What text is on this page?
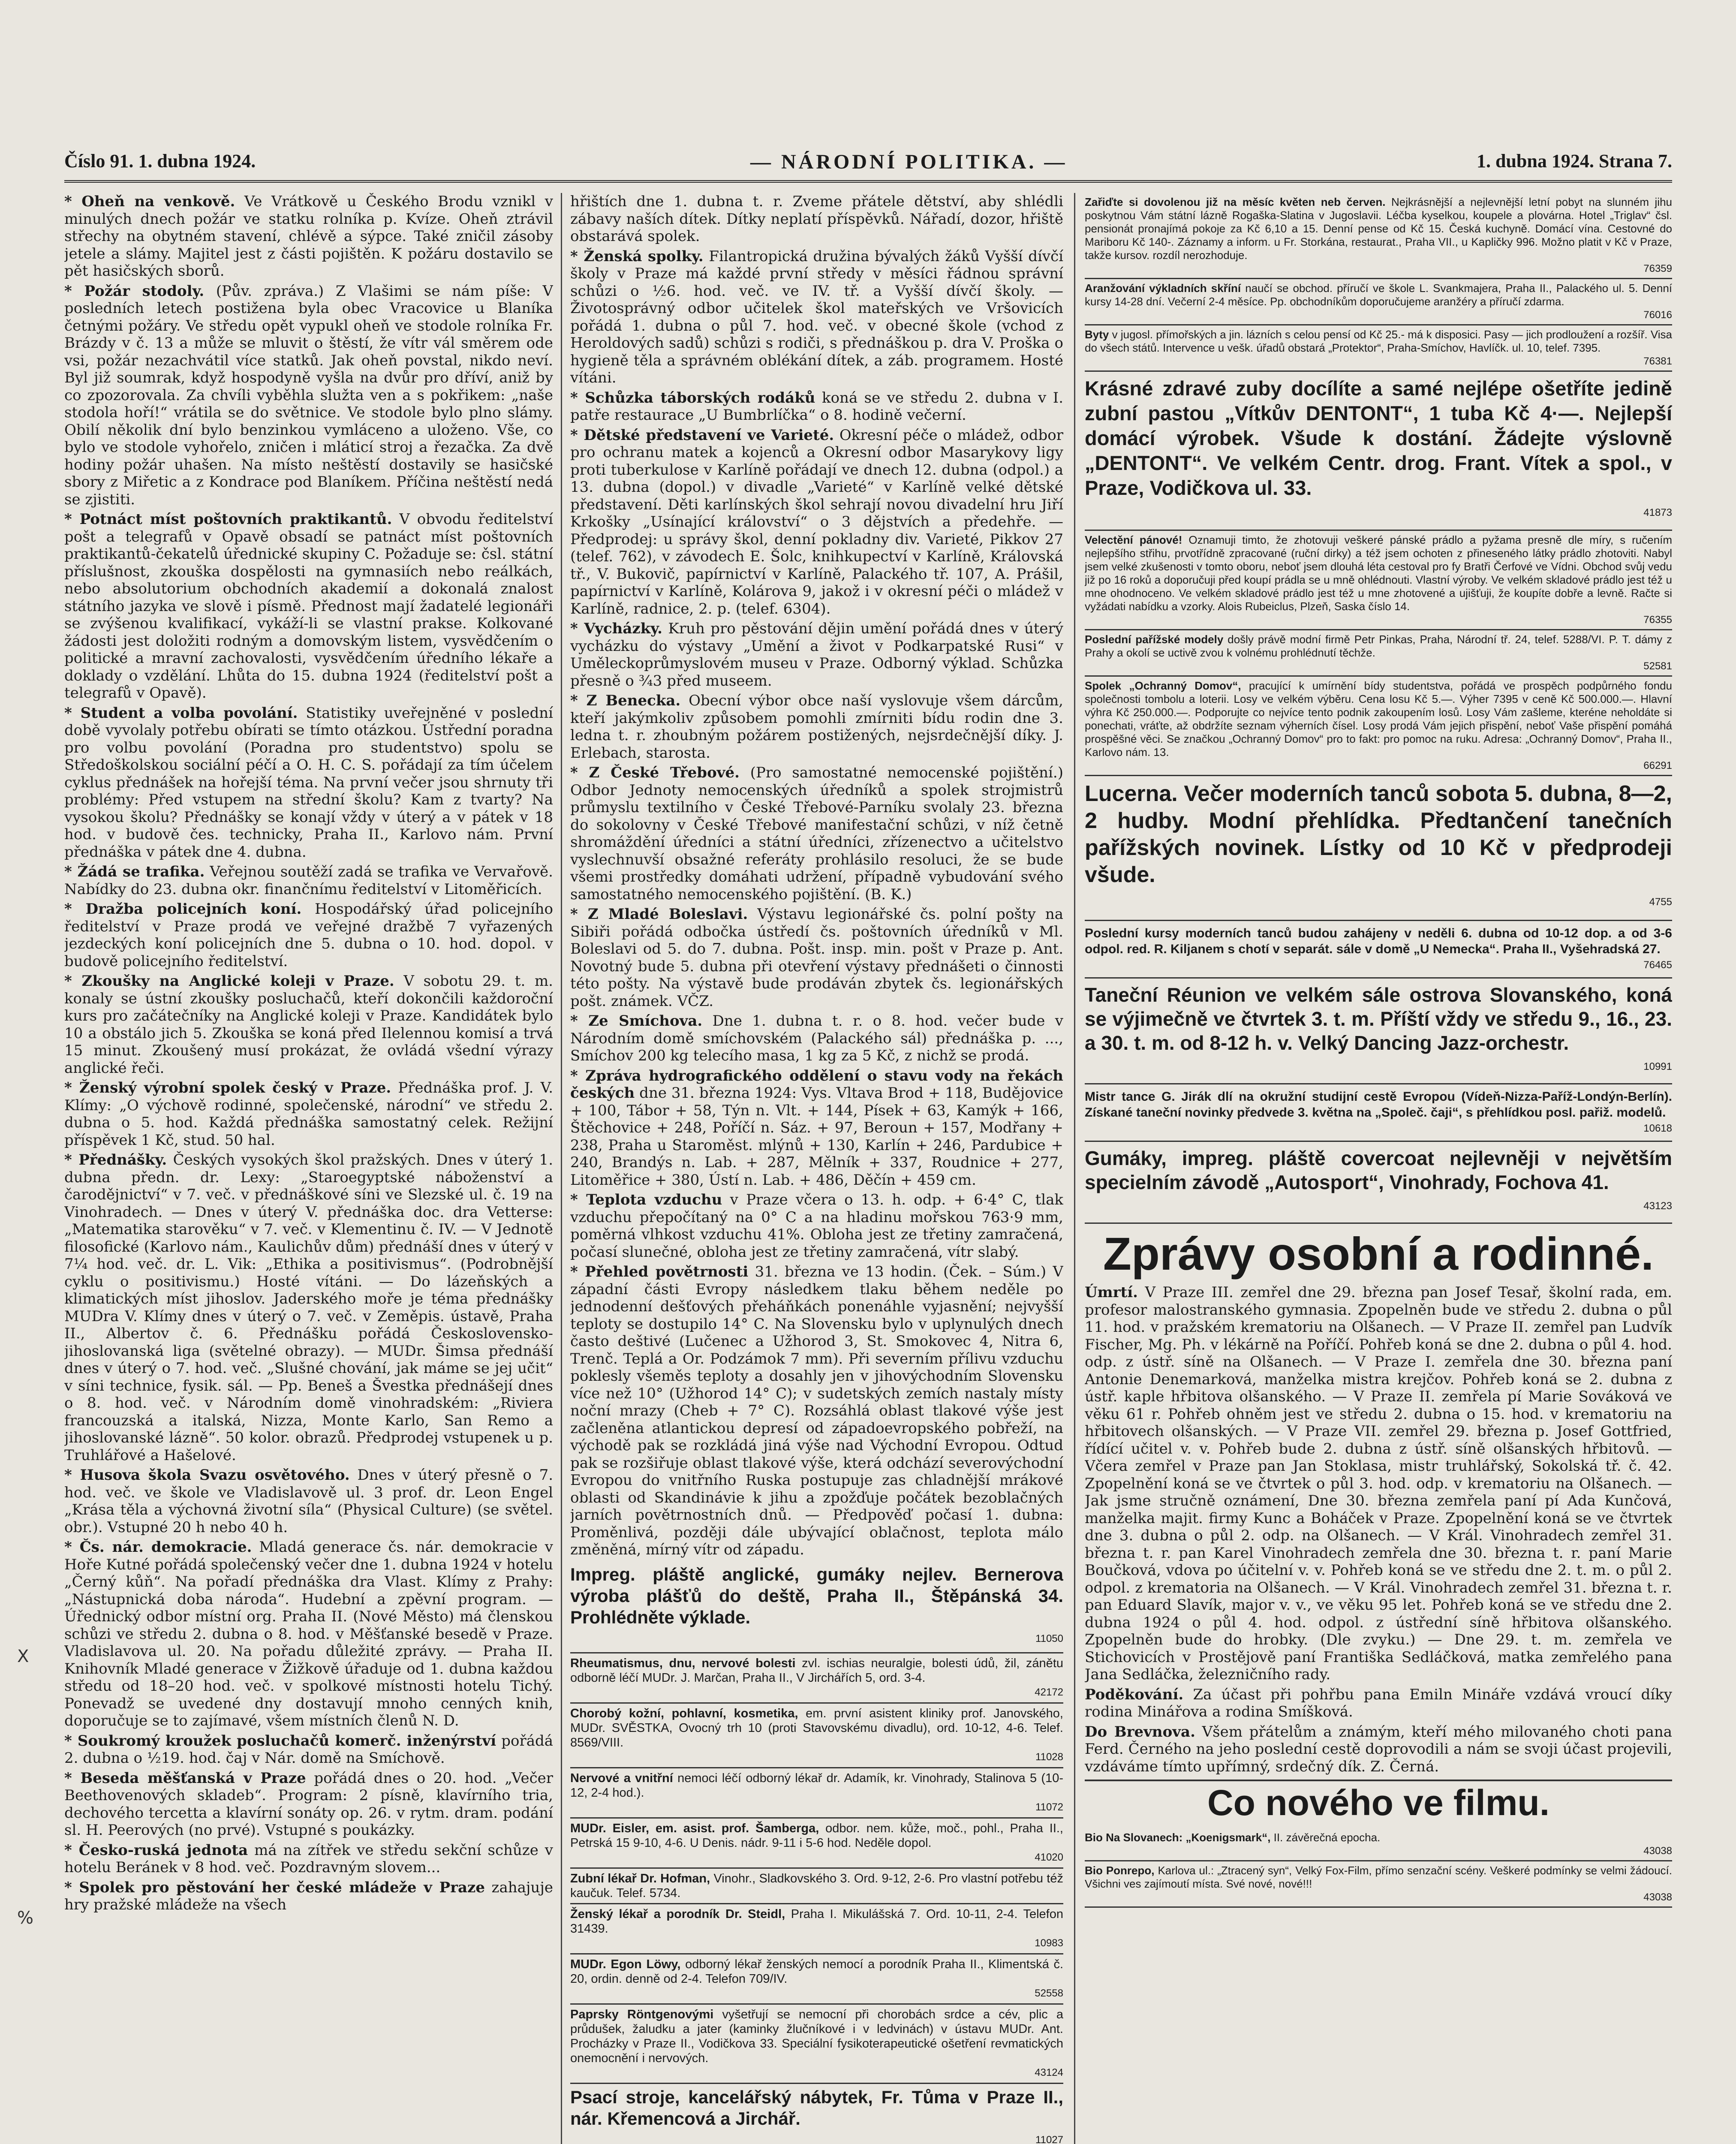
Číslo 91. 1. dubna 1924.	— NÁRODNÍ POLITIKA. —	1. dubna 1924. Strana 7.

* Oheň na venkově. Ve Vrátkově u Českého Brodu vznikl v minulých dnech požár ve statku rolníka p. Kvíze. Oheň ztrávil střechy na obytném stavení, chlévě a sýpce. Také zničil zásoby jetele a slámy. Majitel jest z části pojištěn. K požáru dostavilo se pět hasičských sborů.

* Požár stodoly. (Pův. zpráva.) Z Vlašimi se nám píše: V posledních letech postižena byla obec Vracovice u Blaníka četnými požáry. Ve středu opět vypukl oheň ve stodole rolníka Fr. Brázdy v č. 13 a může se mluvit o štěstí, že vítr vál směrem ode vsi, požár nezachvátil více statků. Jak oheň povstal, nikdo neví. Byl již soumrak, když hospodyně vyšla na dvůr pro dříví, aniž by co zpozorovala. Za chvíli vyběhla služta ven a s pokřikem: „naše stodola hoří!“ vrátila se do světnice. Ve stodole bylo plno slámy. Obilí několik dní bylo benzinkou vymláceno a uloženo. Vše, co bylo ve stodole vyhořelo, zničen i mláticí stroj a řezačka. Za dvě hodiny požár uhašen. Na místo neštěstí dostavily se hasičské sbory z Miřetic a z Kondrace pod Blaníkem. Příčina neštěstí nedá se zjistiti.

* Potnáct míst poštovních praktikantů. V obvodu ředitelství pošt a telegrafů v Opavě obsadí se patnáct míst poštovních praktikantů-čekatelů úřednické skupiny C. Požaduje se: čsl. státní příslušnost, zkouška dospělosti na gymnasiích nebo reálkách, nebo absolutorium obchodních akademií a dokonalá znalost státního jazyka ve slově i písmě. Přednost mají žadatelé legionáři se zvýšenou kvalifikací, vykáží-li se vlastní prakse. Kolkované žádosti jest doložiti rodným a domovským listem, vysvědčením o politické a mravní zachovalosti, vysvědčením úředního lékaře a doklady o vzdělání. Lhůta do 15. dubna 1924 (ředitelství pošt a telegrafů v Opavě).

* Student a volba povolání. Statistiky uveřejněné v poslední době vyvolaly potřebu obírati se tímto otázkou. Ústřední poradna pro volbu povolání (Poradna pro studentstvo) spolu se Středoškolskou sociální péčí a O. H. C. S. pořádají za tím účelem cyklus přednášek na hořejší téma. Na první večer jsou shrnuty tři problémy: Před vstupem na střední školu? Kam z tvarty? Na vysokou školu? Přednášky se konají vždy v úterý a v pátek v 18 hod. v budově čes. technicky, Praha II., Karlovo nám. První přednáška v pátek dne 4. dubna.

* Žádá se trafika. Veřejnou soutěží zadá se trafika ve Vervařově. Nabídky do 23. dubna okr. finančnímu ředitelství v Litoměřicích.

* Dražba policejních koní. Hospodářský úřad policejního ředitelství v Praze prodá ve veřejné dražbě 7 vyřazených jezdeckých koní policejních dne 5. dubna o 10. hod. dopol. v budově policejního ředitelství.

* Zkoušky na Anglické koleji v Praze. V sobotu 29. t. m. konaly se ústní zkoušky posluchačů, kteří dokončili každoroční kurs pro začátečníky na Anglické koleji v Praze. Kandidátek bylo 10 a obstálo jich 5. Zkouška se koná před Ilelennou komisí a trvá 15 minut. Zkoušený musí prokázat, že ovládá všední výrazy anglické řeči.

* Ženský výrobní spolek český v Praze. Přednáška prof. J. V. Klímy: „O výchově rodinné, společenské, národní“ ve středu 2. dubna o 5. hod. Každá přednáška samostatný celek. Režijní příspěvek 1 Kč, stud. 50 hal.

* Přednášky. Českých vysokých škol pražských. Dnes v úterý 1. dubna předn. dr. Lexy: „Staroegyptské náboženství a čarodějnictví“ v 7. več. v přednáškové síni ve Slezské ul. č. 19 na Vinohradech. — Dnes v úterý V. přednáška doc. dra Vetterse: „Matematika starověku“ v 7. več. v Klementinu č. IV. — V Jednotě filosofické (Karlovo nám., Kaulichův dům) přednáší dnes v úterý v 7¼ hod. več. dr. L. Vik: „Ethika a positivismus“. (Podrobnější cyklu o positivismu.) Hosté vítáni. — Do lázeňských a klimatických míst jihoslov. Jaderského moře je téma přednášky MUDra V. Klímy dnes v úterý o 7. več. v Zeměpis. ústavě, Praha II., Albertov č. 6. Přednášku pořádá Československo-jihoslovanská liga (světelné obrazy). — MUDr. Šimsa přednáší dnes v úterý o 7. hod. več. „Slušné chování, jak máme se jej učit“ v síni technice, fysik. sál. — Pp. Beneš a Švestka přednášejí dnes o 8. hod. več. v Národním domě vinohradském: „Riviera francouzská a italská, Nizza, Monte Karlo, San Remo a jihoslovanské lázně“. 50 kolor. obrazů. Předprodej vstupenek u p. Truhlářové a Hašelové.

* Husova škola Svazu osvětového. Dnes v úterý přesně o 7. hod. več. ve škole ve Vladislavově ul. 3 prof. dr. Leon Engel „Krása těla a výchovná životní síla“ (Physical Culture) (se světel. obr.). Vstupné 20 h nebo 40 h.

* Čs. nár. demokracie. Mladá generace čs. nár. demokracie v Hoře Kutné pořádá společenský večer dne 1. dubna 1924 v hotelu „Černý kůň“. Na pořadí přednáška dra Vlast. Klímy z Prahy: „Nástupnická doba národa“. Hudební a zpěvní program. — Úřednický odbor místní org. Praha II. (Nové Město) má členskou schůzi ve středu 2. dubna o 8. hod. v Měšťanské besedě v Praze. Vladislavova ul. 20. Na pořadu důležité zprávy. — Praha II. Knihovník Mladé generace v Žižkově úřaduje od 1. dubna každou středu od 18–20 hod. več. v spolkové místnosti hotelu Tichý. Ponevadž se uvedené dny dostavují mnoho cenných knih, doporučuje se to zajímavé, všem místních členů N. D.

* Soukromý kroužek posluchačů komerč. inženýrství pořádá 2. dubna o ½19. hod. čaj v Nár. domě na Smíchově.

* Beseda měšťanská v Praze pořádá dnes o 20. hod. „Večer Beethovenových skladeb“. Program: 2 písně, klavírního tria, dechového tercetta a klavírní sonáty op. 26. v rytm. dram. podání sl. H. Peerových (no prvé). Vstupné s poukázky.

* Česko-ruská jednota má na zítřek ve středu sekční schůze v hotelu Beránek v 8 hod. več. Pozdravným slovem...

* Spolek pro pěstování her české mládeže v Praze zahajuje hry pražské mládeže na všech

hřištích dne 1. dubna t. r. Zveme přátele dětství, aby shlédli zábavy naších dítek. Dítky neplatí příspěvků. Nářadí, dozor, hřiště obstarává spolek.

* Ženská spolky. Filantropická družina bývalých žáků Vyšší dívčí školy v Praze má každé první středy v měsíci řádnou správní schůzi o ½6. hod. več. ve IV. tř. a Vyšší dívčí školy. — Životosprávný odbor učitelek škol mateřských ve Vršovicích pořádá 1. dubna o půl 7. hod. več. v obecné škole (vchod z Heroldových sadů) schůzi s rodiči, s přednáškou p. dra V. Proška o hygieně těla a správném oblékání dítek, a záb. programem. Hosté vítáni.

* Schůzka táborských rodáků koná se ve středu 2. dubna v I. patře restaurace „U Bumbrlíčka“ o 8. hodině večerní.

* Dětské představení ve Varieté. Okresní péče o mládež, odbor pro ochranu matek a kojenců a Okresní odbor Masarykovy ligy proti tuberkulose v Karlíně pořádají ve dnech 12. dubna (odpol.) a 13. dubna (dopol.) v divadle „Varieté“ v Karlíně velké dětské představení. Děti karlínských škol sehrají novou divadelní hru Jiří Krkošky „Usínající království“ o 3 dějstvích a předehře. — Předprodej: u správy škol, denní pokladny div. Varieté, Pikkov 27 (telef. 762), v závodech E. Šolc, knihkupectví v Karlíně, Královská tř., V. Bukovič, papírnictví v Karlíně, Palackého tř. 107, A. Prášil, papírnictví v Karlíně, Kolárova 9, jakož i v okresní péči o mládež v Karlíně, radnice, 2. p. (telef. 6304).

* Vycházky. Kruh pro pěstování dějin umění pořádá dnes v úterý vycházku do výstavy „Umění a život v Podkarpatské Rusi“ v Uměleckoprůmyslovém museu v Praze. Odborný výklad. Schůzka přesně o ¾3 před museem.

* Z Benecka. Obecní výbor obce naší vyslovuje všem dárcům, kteří jakýmkoliv způsobem pomohli zmírniti bídu rodin dne 3. ledna t. r. zhoubným požárem postižených, nejsrdečnější díky. J. Erlebach, starosta.

* Z České Třebové. (Pro samostatné nemocenské pojištění.) Odbor Jednoty nemocenských úředníků a spolek strojmistrů průmyslu textilního v České Třebové-Parníku svolaly 23. března do sokolovny v České Třebové manifestační schůzi, v níž četně shromáždění úředníci a státní úředníci, zřízenectvo a učitelstvo vyslechnuvší obsažné referáty prohlásilo resoluci, že se bude všemi prostředky domáhati udržení, případně vybudování svého samostatného nemocenského pojištění. (B. K.)

* Z Mladé Boleslavi. Výstavu legionářské čs. polní pošty na Sibiři pořádá odbočka ústředí čs. poštovních úředníků v Ml. Boleslavi od 5. do 7. dubna. Pošt. insp. min. pošt v Praze p. Ant. Novotný bude 5. dubna při otevření výstavy přednášeti o činnosti této pošty. Na výstavě bude prodáván zbytek čs. legionářských pošt. známek. VČZ.

* Ze Smíchova. Dne 1. dubna t. r. o 8. hod. večer bude v Národním domě smíchovském (Palackého sál) přednáška p. ..., Smíchov 200 kg telecího masa, 1 kg za 5 Kč, z nichž se prodá.

* Zpráva hydrografického oddělení o stavu vody na řekách českých dne 31. března 1924: Vys. Vltava Brod + 118, Budějovice + 100, Tábor + 58, Týn n. Vlt. + 144, Písek + 63, Kamýk + 166, Štěchovice + 248, Poříčí n. Sáz. + 97, Beroun + 157, Modřany + 238, Praha u Staroměst. mlýnů + 130, Karlín + 246, Pardubice + 240, Brandýs n. Lab. + 287, Mělník + 337, Roudnice + 277, Litoměřice + 380, Ústí n. Lab. + 486, Děčín + 459 cm.

* Teplota vzduchu v Praze včera o 13. h. odp. + 6·4° C, tlak vzduchu přepočítaný na 0° C a na hladinu mořskou 763·9 mm, poměrná vlhkost vzduchu 41%. Obloha jest ze třetiny zamračená, počasí slunečné, obloha jest ze třetiny zamračená, vítr slabý.

* Přehled povětrnosti 31. března ve 13 hodin. (Ček. – Súm.) V západní části Evropy následkem tlaku během neděle po jednodenní dešťových přeháňkách ponenáhle vyjasnění; nejvyšší teploty se dostupilo 14° C. Na Slovensku bylo v uplynulých dnech často deštivé (Lučenec a Užhorod 3, St. Smokovec 4, Nitra 6, Trenč. Teplá a Or. Podzámok 7 mm). Při severním přílivu vzduchu poklesly všeměs teploty a dosahly jen v jihovýchodním Slovensku více než 10° (Užhorod 14° C); v sudetských zemích nastaly místy noční mrazy (Cheb + 7° C). Rozsáhlá oblast tlakové výše jest začleněna atlantickou depresí od západoevropského pobřeží, na východě pak se rozkládá jiná výše nad Východní Evropou. Odtud pak se rozšiřuje oblast tlakové výše, která odchází severovýchodní Evropou do vnitřního Ruska postupuje zas chladnější mrákové oblasti od Skandinávie k jihu a zpožďuje počátek bezoblačných jarních povětrnostních dnů. — Předpověď počasí 1. dubna: Proměnlivá, později dále ubývající oblačnost, teplota málo změněná, mírný vítr od západu.

Impreg. pláště anglické, gumáky nejlev. Bernerova výroba plášťů do deště, Praha II., Štěpánská 34. Prohlédněte výklade.
11050
Rheumatismus, dnu, nervové bolesti zvl. ischias neuralgie, bolesti údů, žil, zánětu odborně léčí MUDr. J. Marčan, Praha II., V Jirchářích 5, ord. 3-4.
42172
Chorobý kožní, pohlavní, kosmetika, em. první asistent kliniky prof. Janovského, MUDr. SVĚSTKA, Ovocný trh 10 (proti Stavovskému divadlu), ord. 10-12, 4-6. Telef. 8569/VIII.
11028
Nervové a vnitřní nemoci léčí odborný lékař dr. Adamík, kr. Vinohrady, Stalinova 5 (10-12, 2-4 hod.).
11072
MUDr. Eisler, em. asist. prof. Šamberga, odbor. nem. kůže, moč., pohl., Praha II., Petrská 15 9-10, 4-6. U Denis. nádr. 9-11 i 5-6 hod. Neděle dopol.
41020
Zubní lékař Dr. Hofman, Vinohr., Sladkovského 3. Ord. 9-12, 2-6. Pro vlastní potřebu též kaučuk. Telef. 5734.
Ženský lékař a porodník Dr. Steidl, Praha I. Mikulášská 7. Ord. 10-11, 2-4. Telefon 31439.
10983
MUDr. Egon Löwy, odborný lékař ženských nemocí a porodník Praha II., Klimentská č. 20, ordin. denně od 2-4. Telefon 709/IV.
52558
Paprsky Röntgenovými vyšetřují se nemocní při chorobách srdce a cév, plic a průdušek, žaludku a jater (kaminky žlučníkové i v ledvinách) v ústavu MUDr. Ant. Procházky v Praze II., Vodičkova 33. Speciální fysikoterapeutické ošetření revmatických onemocnění i nervových.
43124
Psací stroje, kancelářský nábytek, Fr. Tůma v Praze II., nár. Křemencová a Jirchář.
11027
Zařiďte si dovolenou již na měsíc květen neb červen. Nejkrásnější a nejlevnější letní pobyt na slunném jihu poskytnou Vám státní lázně Rogaška-Slatina v Jugoslavii. Léčba kyselkou, koupele a plovárna. Hotel „Triglav“ čsl. pensionát pronajímá pokoje za Kč 6,10 a 15. Denní pense od Kč 15. Česká kuchyně. Domácí vína. Cestovné do Mariboru Kč 140-. Záznamy a inform. u Fr. Storkána, restaurat., Praha VII., u Kapličky 996. Možno platit v Kč v Praze, takže kursov. rozdíl nerozhoduje.
76359
Aranžování výkladních skříní naučí se obchod. příručí ve škole L. Svankmajera, Praha II., Palackého ul. 5. Denní kursy 14-28 dní. Večerní 2-4 měsíce. Pp. obchodníkům doporučujeme aranžéry a příručí zdarma.
76016
Byty v jugosl. přímořských a jin. lázních s celou pensí od Kč 25.- má k disposici. Pasy — jich prodloužení a rozšíř. Visa do všech států. Intervence u vešk. úřadů obstará „Protektor“, Praha-Smíchov, Havlíčk. ul. 10, telef. 7395.
76381
Krásné zdravé zuby docílíte a samé nejlépe ošetříte jedině zubní pastou „Vítkův DENTONT“, 1 tuba Kč 4·—. Nejlepší domácí výrobek. Všude k dostání. Žádejte výslovně „DENTONT“. Ve velkém Centr. drog. Frant. Vítek a spol., v Praze, Vodičkova ul. 33.
41873
Velectění pánové! Oznamuji timto, že zhotovuji veškeré pánské prádlo a pyžama presně dle míry, s ručením nejlepšího střihu, prvotřídně zpracované (ruční dirky) a též jsem ochoten z přineseného látky prádlo zhotoviti. Nabyl jsem velké zkušenosti v tomto oboru, neboť jsem dlouhá léta cestoval pro fy Bratři Čerfové ve Vídni. Obchod svůj vedu již po 16 roků a doporučuji před koupí prádla se u mně ohlédnouti. Vlastní výroby. Ve velkém skladové prádlo jest též u mne ohodnoceno. Ve velkém skladové prádlo jest též u mne zhotovené a ujišťuji, že koupíte dobře a levně. Račte si vyžádati nabídku a vzorky. Alois Rubeiclus, Plzeň, Saska číslo 14.
76355
Poslední pařížské modely došly právě modní firmě Petr Pinkas, Praha, Národní tř. 24, telef. 5288/VI. P. T. dámy z Prahy a okolí se uctivě zvou k volnému prohlédnutí těchže.
52581
Spolek „Ochranný Domov“, pracující k umírnění bídy studentstva, pořádá ve prospěch podpůrného fondu společnosti tombolu a loterii. Losy ve velkém výběru. Cena losu Kč 5.—. Výher 7395 v ceně Kč 500.000.—. Hlavní výhra Kč 250.000.—. Podporujte co nejvíce tento podnik zakoupením losů. Losy Vám zašleme, kteréne neholdáte si ponechati, vráťte, až obdržíte seznam výherních čísel. Losy prodá Vám jejich přispění, neboť Vaše přispění pomáhá prospěšné věci. Se značkou „Ochranný Domov“ pro to fakt: pro pomoc na ruku. Adresa: „Ochranný Domov“, Praha II., Karlovo nám. 13.
66291
Lucerna. Večer moderních tanců sobota 5. dubna, 8—2, 2 hudby. Modní přehlídka. Předtančení tanečních pařížských novinek. Lístky od 10 Kč v předprodeji všude.
4755
Poslední kursy moderních tanců budou zahájeny v neděli 6. dubna od 10-12 dop. a od 3-6 odpol. red. R. Kiljanem s chotí v separát. sále v domě „U Nemecka“. Praha II., Vyšehradská 27.
76465
Taneční Réunion ve velkém sále ostrova Slovanského, koná se výjimečně ve čtvrtek 3. t. m. Příští vždy ve středu 9., 16., 23. a 30. t. m. od 8-12 h. v. Velký Dancing Jazz-orchestr.
10991
Mistr tance G. Jirák dlí na okružní studijní cestě Evropou (Vídeň-Nizza-Paříž-Londýn-Berlín). Získané taneční novinky předvede 3. května na „Společ. čaji“, s přehlídkou posl. pařiž. modelů.
10618
Gumáky, impreg. pláště covercoat nejlevněji v největším specielním závodě „Autosport“, Vinohrady, Fochova 41.
43123
Zprávy osobní a rodinné.

Úmrtí. V Praze III. zemřel dne 29. března pan Josef Tesař, školní rada, em. profesor malostranského gymnasia. Zpopelněn bude ve středu 2. dubna o půl 11. hod. v pražském krematoriu na Olšanech. — V Praze II. zemřel pan Ludvík Fischer, Mg. Ph. v lékárně na Poříčí. Pohřeb koná se dne 2. dubna o půl 4. hod. odp. z ústř. síně na Olšanech. — V Praze I. zemřela dne 30. března paní Antonie Denemarková, manželka mistra krejčov. Pohřeb koná se 2. dubna z ústř. kaple hřbitova olšanského. — V Praze II. zemřela pí Marie Sováková ve věku 61 r. Pohřeb ohněm jest ve středu 2. dubna o 15. hod. v krematoriu na hřbitovech olšanských. — V Praze VII. zemřel 29. března p. Josef Gottfried, řídící učitel v. v. Pohřeb bude 2. dubna z ústř. síně olšanských hřbitovů. — Včera zemřel v Praze pan Jan Stoklasa, mistr truhlářský, Sokolská tř. č. 42. Zpopelnění koná se ve čtvrtek o půl 3. hod. odp. v krematoriu na Olšanech. — Jak jsme stručně oznámení, Dne 30. března zemřela paní pí Ada Kunčová, manželka majit. firmy Kunc a Boháček v Praze. Zpopelnění koná se ve čtvrtek dne 3. dubna o půl 2. odp. na Olšanech. — V Král. Vinohradech zemřel 31. března t. r. pan Karel Vinohradech zemřela dne 30. března t. r. paní Marie Boučková, vdova po účitelní v. v. Pohřeb koná se ve středu dne 2. t. m. o půl 2. odpol. z krematoria na Olšanech. — V Král. Vinohradech zemřel 31. března t. r. pan Eduard Slavík, major v. v., ve věku 95 let. Pohřeb koná se ve středu dne 2. dubna 1924 o půl 4. hod. odpol. z ústřední síně hřbitova olšanského. Zpopelněn bude do hrobky. (Dle zvyku.) — Dne 29. t. m. zemřela ve Stichovicích v Prostějově paní Františka Sedláčková, matka zemřelého pana Jana Sedláčka, železničního rady.

Poděkování. Za účast při pohřbu pana Emiln Mináře vzdává vroucí díky rodina Minářova a rodina Smíšková.

Do Brevnova. Všem přátelům a známým, kteří mého milovaného choti pana Ferd. Černého na jeho poslední cestě doprovodili a nám se svoji účast projevili, vzdáváme tímto upřímný, srdečný dík. Z. Černá.

Co nového ve filmu.
Bio Na Slovanech: „Koenigsmark“, II. závěrečná epocha.
43038
Bio Ponrepo, Karlova ul.: „Ztracený syn“, Velký Fox-Film, přímo senzační scény. Veškeré podmínky se velmi žádoucí. Všichni ves zajímoutí místa. Své nové, nové!!!
43038
X
%
